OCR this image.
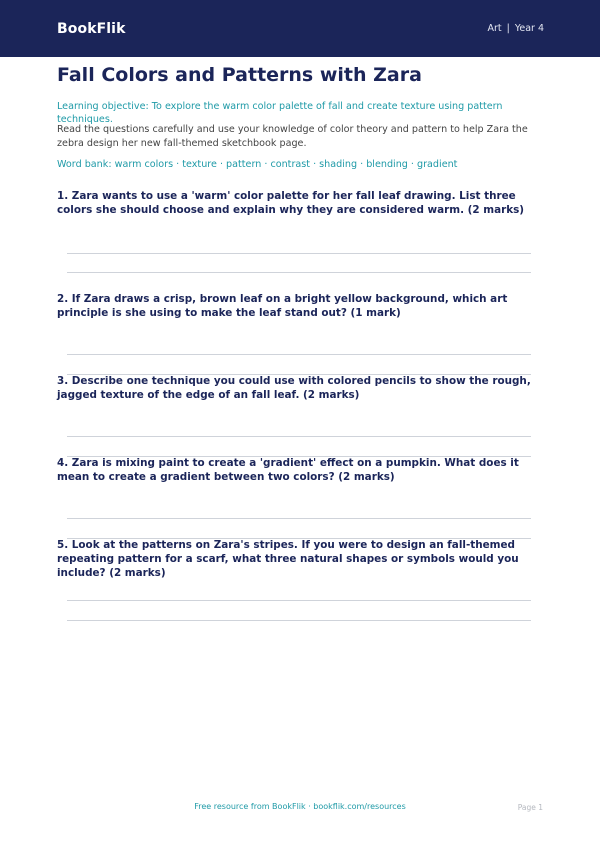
BookFlik	Art | Year 4
Fall Colors and Patterns with Zara
Learning objective: To explore the warm color palette of fall and create texture using pattern techniques.
Read the questions carefully and use your knowledge of color theory and pattern to help Zara the zebra design her new fall-themed sketchbook page.
Word bank: warm colors · texture · pattern · contrast · shading · blending · gradient
1. Zara wants to use a 'warm' color palette for her fall leaf drawing. List three colors she should choose and explain why they are considered warm. (2 marks)
2. If Zara draws a crisp, brown leaf on a bright yellow background, which art principle is she using to make the leaf stand out? (1 mark)
3. Describe one technique you could use with colored pencils to show the rough, jagged texture of the edge of an fall leaf. (2 marks)
4. Zara is mixing paint to create a 'gradient' effect on a pumpkin. What does it mean to create a gradient between two colors? (2 marks)
5. Look at the patterns on Zara's stripes. If you were to design an fall-themed repeating pattern for a scarf, what three natural shapes or symbols would you include? (2 marks)
Free resource from BookFlik · bookflik.com/resources	Page 1
